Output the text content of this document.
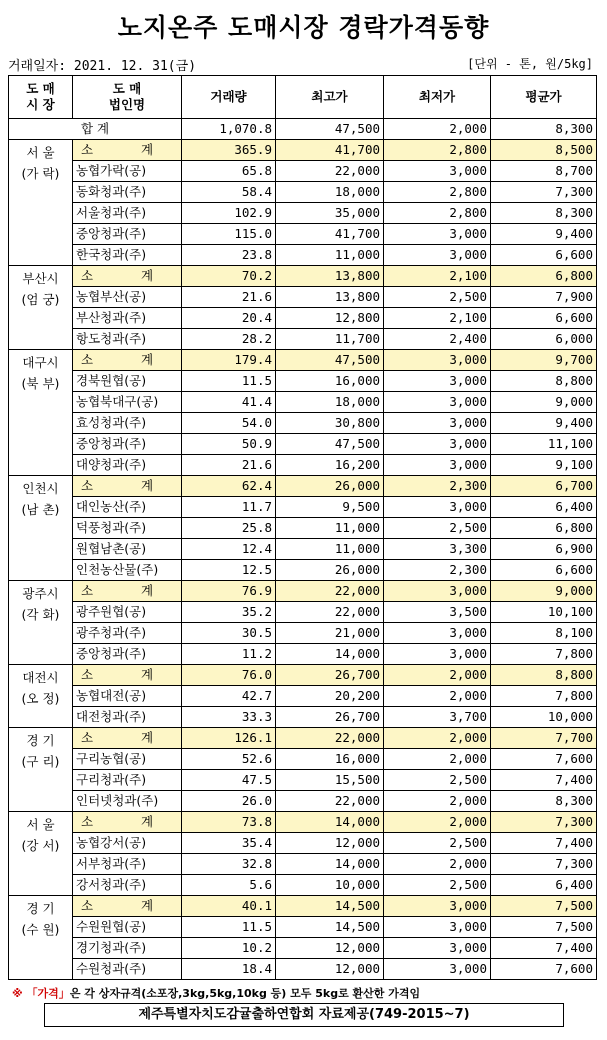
노지온주 도매시장 경락가격동향
거래일자: 2021. 12. 31(금)	[단위 - 톤, 원/5kg]
도 매
시 장	도 매
법인명	거래량	최고가	최저가	평균가
합 계		1,070.8	47,500	2,000	8,300

서 울
(가 락)	소 계	365.9	41,700	2,800	8,500
	농협가락(공)	65.8	22,000	3,000	8,700
	동화청과(주)	58.4	18,000	2,800	7,300
	서울청과(주)	102.9	35,000	2,800	8,300
	중앙청과(주)	115.0	41,700	3,000	9,400
	한국청과(주)	23.8	11,000	3,000	6,600

부산시
(엄 궁)	소 계	70.2	13,800	2,100	6,800
	농협부산(공)	21.6	13,800	2,500	7,900
	부산청과(주)	20.4	12,800	2,100	6,600
	항도청과(주)	28.2	11,700	2,400	6,000

대구시
(북 부)	소 계	179.4	47,500	3,000	9,700
	경북원협(공)	11.5	16,000	3,000	8,800
	농협북대구(공)	41.4	18,000	3,000	9,000
	효성청과(주)	54.0	30,800	3,000	9,400
	중앙청과(주)	50.9	47,500	3,000	11,100
	대양청과(주)	21.6	16,200	3,000	9,100

인천시
(남 촌)	소 계	62.4	26,000	2,300	6,700
	대인농산(주)	11.7	9,500	3,000	6,400
	덕풍청과(주)	25.8	11,000	2,500	6,800
	원협남촌(공)	12.4	11,000	3,300	6,900
	인천농산물(주)	12.5	26,000	2,300	6,600

광주시
(각 화)	소 계	76.9	22,000	3,000	9,000
	광주원협(공)	35.2	22,000	3,500	10,100
	광주청과(주)	30.5	21,000	3,000	8,100
	중앙청과(주)	11.2	14,000	3,000	7,800

대전시
(오 정)	소 계	76.0	26,700	2,000	8,800
	농협대전(공)	42.7	20,200	2,000	7,800
	대전청과(주)	33.3	26,700	3,700	10,000

경 기
(구 리)	소 계	126.1	22,000	2,000	7,700
	구리농협(공)	52.6	16,000	2,000	7,600
	구리청과(주)	47.5	15,500	2,500	7,400
	인터넷청과(주)	26.0	22,000	2,000	8,300

서 울
(강 서)	소 계	73.8	14,000	2,000	7,300
	농협강서(공)	35.4	12,000	2,500	7,400
	서부청과(주)	32.8	14,000	2,000	7,300
	강서청과(주)	5.6	10,000	2,500	6,400

경 기
(수 원)	소 계	40.1	14,500	3,000	7,500
	수원원협(공)	11.5	14,500	3,000	7,500
	경기청과(주)	10.2	12,000	3,000	7,400
	수원청과(주)	18.4	12,000	3,000	7,600
※ 「가격」은 각 상자규격(소포장,3kg,5kg,10kg 등) 모두 5kg로 환산한 가격임
제주특별자치도감귤출하연합회 자료제공(749-2015~7)
